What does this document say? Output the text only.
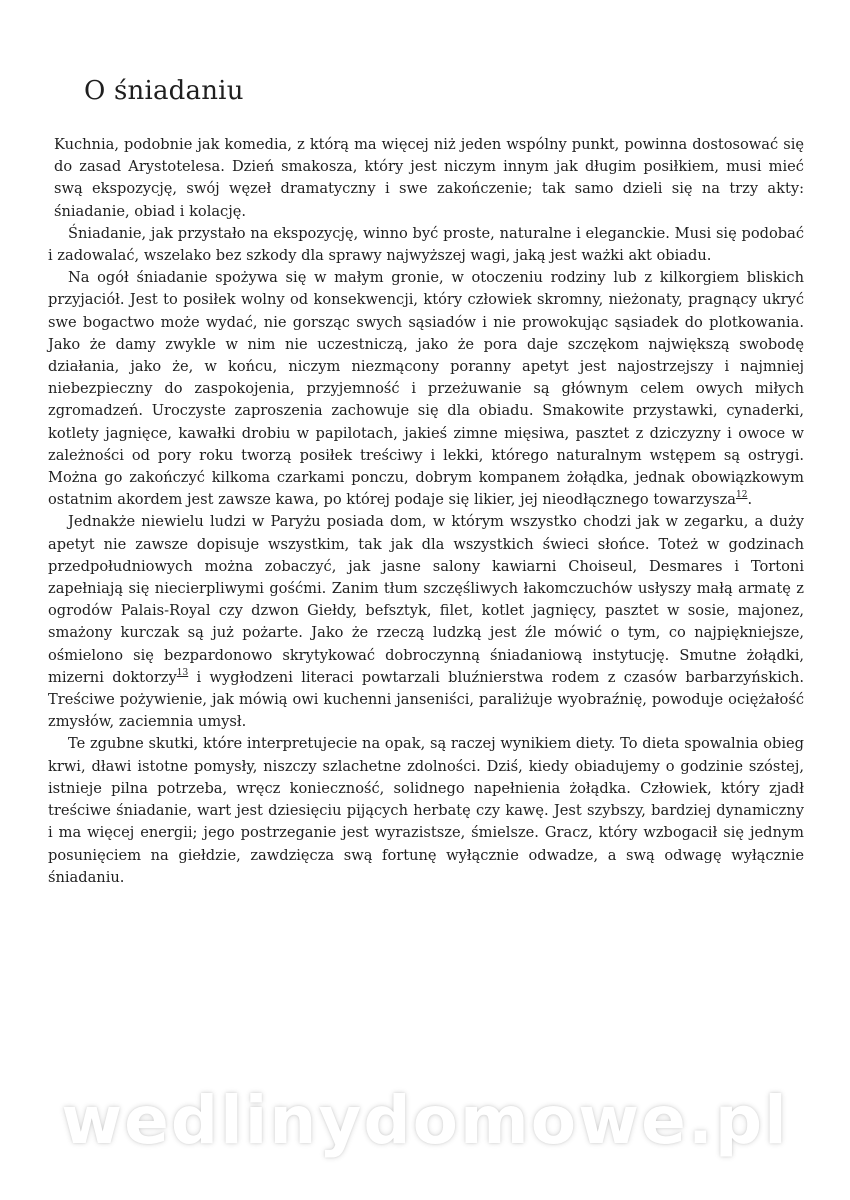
O śniadaniu

Kuchnia, podobnie jak komedia, z którą ma więcej niż jeden wspólny punkt, powinna dostosować się do zasad Arystotelesa. Dzień smakosza, który jest niczym innym jak długim posiłkiem, musi mieć swą ekspozycję, swój węzeł dramatyczny i swe zakończenie; tak samo dzieli się na trzy akty: śniadanie, obiad i kolację.

Śniadanie, jak przystało na ekspozycję, winno być proste, naturalne i eleganckie. Musi się podobać i zadowalać, wszelako bez szkody dla sprawy najwyższej wagi, jaką jest ważki akt obiadu.

Na ogół śniadanie spożywa się w małym gronie, w otoczeniu rodziny lub z kilkorgiem bliskich przyjaciół. Jest to posiłek wolny od konsekwencji, który człowiek skromny, nieżonaty, pragnący ukryć swe bogactwo może wydać, nie gorsząc swych sąsiadów i nie prowokując sąsiadek do plotkowania. Jako że damy zwykle w nim nie uczestniczą, jako że pora daje szczękom największą swobodę działania, jako że, w końcu, niczym niezmącony poranny apetyt jest najostrzejszy i najmniej niebezpieczny do zaspokojenia, przyjemność i przeżuwanie są głównym celem owych miłych zgromadzeń. Uroczyste zaproszenia zachowuje się dla obiadu. Smakowite przystawki, cynaderki, kotlety jagnięce, kawałki drobiu w papilotach, jakieś zimne mięsiwa, pasztet z dziczyzny i owoce w zależności od pory roku tworzą posiłek treściwy i lekki, którego naturalnym wstępem są ostrygi. Można go zakończyć kilkoma czarkami ponczu, dobrym kompanem żołądka, jednak obowiązkowym ostatnim akordem jest zawsze kawa, po której podaje się likier, jej nieodłącznego towarzysza$^{12}$.

Jednakże niewielu ludzi w Paryżu posiada dom, w którym wszystko chodzi jak w zegarku, a duży apetyt nie zawsze dopisuje wszystkim, tak jak dla wszystkich świeci słońce. Toteż w godzinach przedpołudniowych można zobaczyć, jak jasne salony kawiarni Choiseul, Desmares i Tortoni zapełniają się niecierpliwymi gośćmi. Zanim tłum szczęśliwych łakomczuchów usłyszy małą armatę z ogrodów Palais-Royal czy dzwon Giełdy, befsztyk, filet, kotlet jagnięcy, pasztet w sosie, majonez, smażony kurczak są już pożarte. Jako że rzeczą ludzką jest źle mówić o tym, co najpiękniejsze, ośmielono się bezpardonowo skrytykować dobroczynną śniadaniową instytucję. Smutne żołądki, mizerni doktorzy$^{13}$ i wygłodzeni literaci powtarzali bluźnierstwa rodem z czasów barbarzyńskich. Treściwe pożywienie, jak mówią owi kuchenni janseniści, paraliżuje wyobraźnię, powoduje ociężałość zmysłów, zaciemnia umysł.

Te zgubne skutki, które interpretujecie na opak, są raczej wynikiem diety. To dieta spowalnia obieg krwi, dławi istotne pomysły, niszczy szlachetne zdolności. Dziś, kiedy obiadujemy o godzinie szóstej, istnieje pilna potrzeba, wręcz konieczność, solidnego napełnienia żołądka. Człowiek, który zjadł treściwe śniadanie, wart jest dziesięciu pijących herbatę czy kawę. Jest szybszy, bardziej dynamiczny i ma więcej energii; jego postrzeganie jest wyrazistsze, śmielsze. Gracz, który wzbogacił się jednym posunięciem na giełdzie, zawdzięcza swą fortunę wyłącznie odwadze, a swą odwagę wyłącznie śniadaniu.

wedlinydomowe.pl
